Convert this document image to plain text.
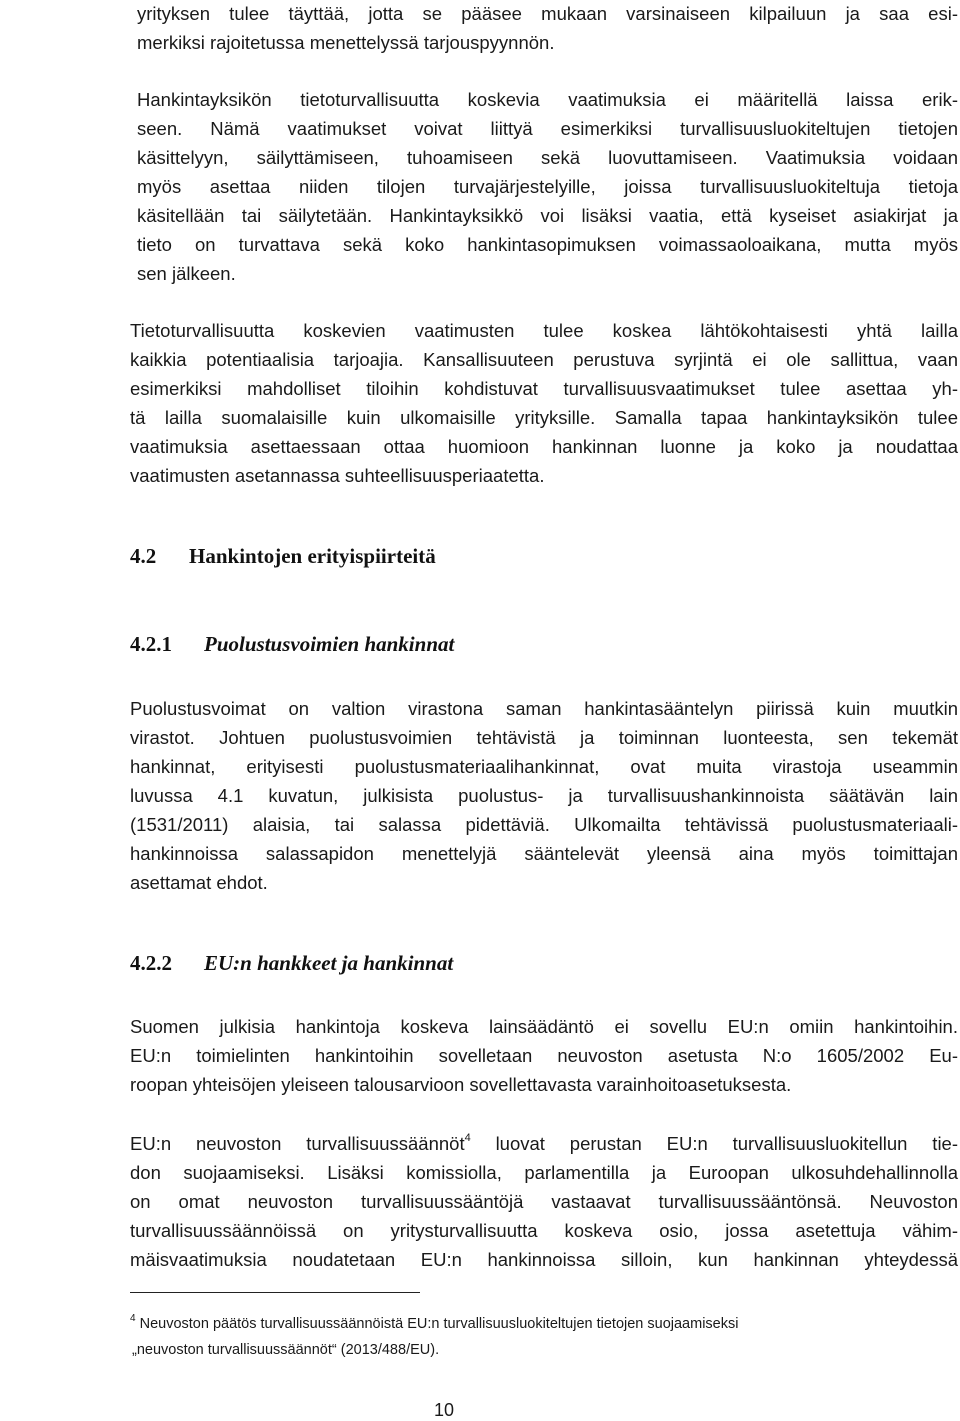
yrityksen tulee täyttää, jotta se pääsee mukaan varsinaiseen kilpailuun ja saa esi-
merkiksi rajoitetussa menettelyssä tarjouspyynnön.
Hankintayksikön tietoturvallisuutta koskevia vaatimuksia ei määritellä laissa erik-
seen. Nämä vaatimukset voivat liittyä esimerkiksi turvallisuusluokiteltujen tietojen
käsittelyyn, säilyttämiseen, tuhoamiseen sekä luovuttamiseen. Vaatimuksia voidaan
myös asettaa niiden tilojen turvajärjestelyille, joissa turvallisuusluokiteltuja tietoja
käsitellään tai säilytetään. Hankintayksikkö voi lisäksi vaatia, että kyseiset asiakirjat ja
tieto on turvattava sekä koko hankintasopimuksen voimassaoloaikana, mutta myös
sen jälkeen.
Tietoturvallisuutta koskevien vaatimusten tulee koskea lähtökohtaisesti yhtä lailla
kaikkia potentiaalisia tarjoajia. Kansallisuuteen perustuva syrjintä ei ole sallittua, vaan
esimerkiksi mahdolliset tiloihin kohdistuvat turvallisuusvaatimukset tulee asettaa yh-
tä lailla suomalaisille kuin ulkomaisille yrityksille. Samalla tapaa hankintayksikön tulee
vaatimuksia asettaessaan ottaa huomioon hankinnan luonne ja koko ja noudattaa
vaatimusten asetannassa suhteellisuusperiaatetta.
4.2 Hankintojen erityispiirteitä
4.2.1 Puolustusvoimien hankinnat
Puolustusvoimat on valtion virastona saman hankintasääntelyn piirissä kuin muutkin
virastot. Johtuen puolustusvoimien tehtävistä ja toiminnan luonteesta, sen tekemät
hankinnat, erityisesti puolustusmateriaalihankinnat, ovat muita virastoja useammin
luvussa 4.1 kuvatun, julkisista puolustus- ja turvallisuushankinnoista säätävän lain
(1531/2011) alaisia, tai salassa pidettäviä. Ulkomailta tehtävissä puolustusmateriaali-
hankinnoissa salassapidon menettelyjä sääntelevät yleensä aina myös toimittajan
asettamat ehdot.
4.2.2 EU:n hankkeet ja hankinnat
Suomen julkisia hankintoja koskeva lainsäädäntö ei sovellu EU:n omiin hankintoihin.
EU:n toimielinten hankintoihin sovelletaan neuvoston asetusta N:o 1605/2002 Eu-
roopan yhteisöjen yleiseen talousarvioon sovellettavasta varainhoitoasetuksesta.
EU:n neuvoston turvallisuussäännöt$^4$ luovat perustan EU:n turvallisuusluokitellun tie-
don suojaamiseksi. Lisäksi komissiolla, parlamentilla ja Euroopan ulkosuhdehallinnolla
on omat neuvoston turvallisuussääntöjä vastaavat turvallisuussääntönsä. Neuvoston
turvallisuussäännöissä on yritysturvallisuutta koskeva osio, jossa asetettuja vähim-
mäisvaatimuksia noudatetaan EU:n hankinnoissa silloin, kun hankinnan yhteydessä
$^4$ Neuvoston päätös turvallisuussäännöistä EU:n turvallisuusluokiteltujen tietojen suojaamiseksi
„neuvoston turvallisuussäännöt“ (2013/488/EU).
10
